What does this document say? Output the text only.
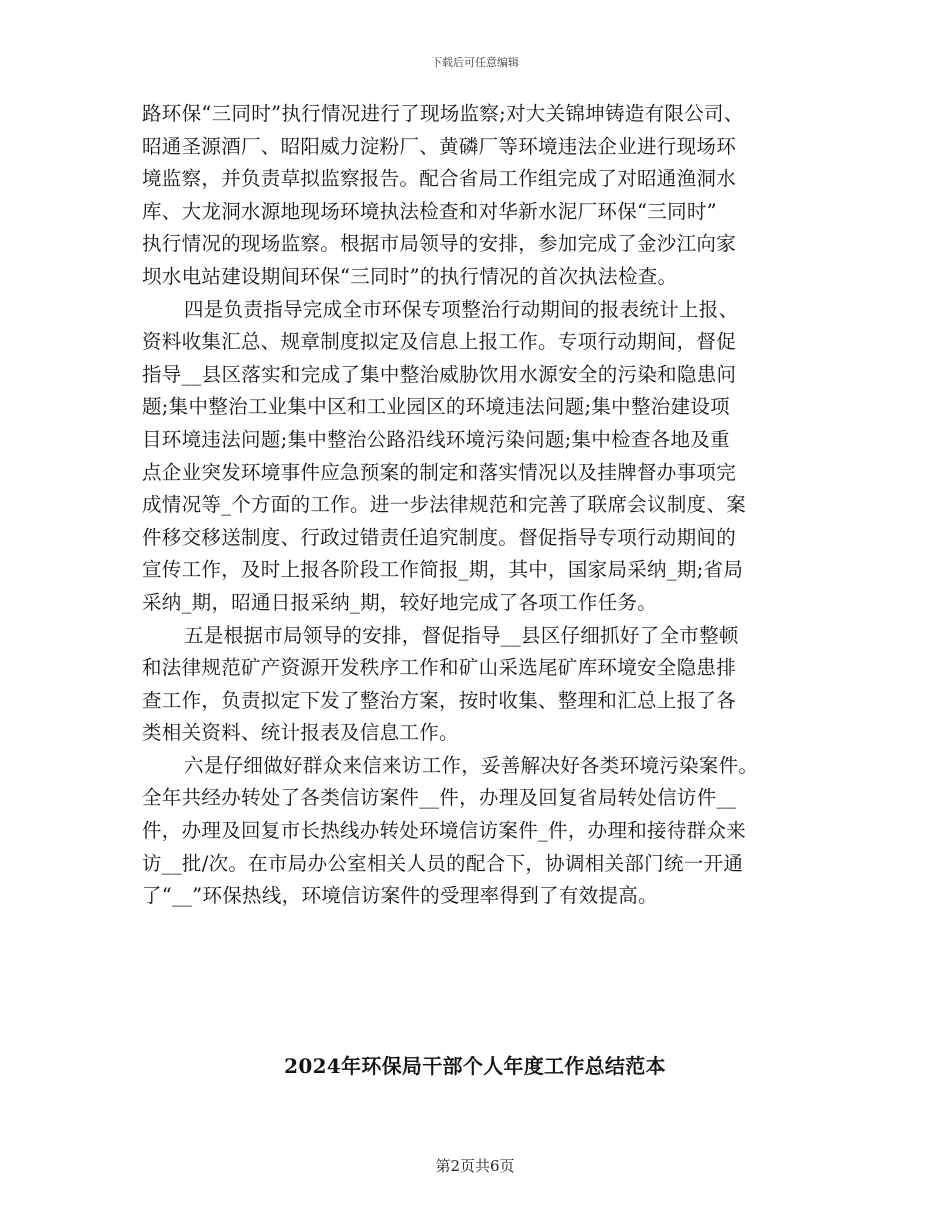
下载后可任意编辑

路环保“三同时”执行情况进行了现场监察;对大关锦坤铸造有限公司、
昭通圣源酒厂、昭阳威力淀粉厂、黄磷厂等环境违法企业进行现场环
境监察，并负责草拟监察报告。配合省局工作组完成了对昭通渔洞水
库、大龙洞水源地现场环境执法检查和对华新水泥厂环保“三同时”
执行情况的现场监察。根据市局领导的安排，参加完成了金沙江向家
坝水电站建设期间环保“三同时”的执行情况的首次执法检查。

四是负责指导完成全市环保专项整治行动期间的报表统计上报、
资料收集汇总、规章制度拟定及信息上报工作。专项行动期间，督促
指导__县区落实和完成了集中整治威胁饮用水源安全的污染和隐患问
题;集中整治工业集中区和工业园区的环境违法问题;集中整治建设项
目环境违法问题;集中整治公路沿线环境污染问题;集中检查各地及重
点企业突发环境事件应急预案的制定和落实情况以及挂牌督办事项完
成情况等_个方面的工作。进一步法律规范和完善了联席会议制度、案
件移交移送制度、行政过错责任追究制度。督促指导专项行动期间的
宣传工作，及时上报各阶段工作简报_期，其中，国家局采纳_期;省局
采纳_期，昭通日报采纳_期，较好地完成了各项工作任务。

五是根据市局领导的安排，督促指导__县区仔细抓好了全市整顿
和法律规范矿产资源开发秩序工作和矿山采选尾矿库环境安全隐患排
查工作，负责拟定下发了整治方案，按时收集、整理和汇总上报了各
类相关资料、统计报表及信息工作。

六是仔细做好群众来信来访工作，妥善解决好各类环境污染案件。
全年共经办转处了各类信访案件__件，办理及回复省局转处信访件__
件，办理及回复市长热线办转处环境信访案件_件，办理和接待群众来
访__批/次。在市局办公室相关人员的配合下，协调相关部门统一开通
了“__”环保热线，环境信访案件的受理率得到了有效提高。

2024年环保局干部个人年度工作总结范本
第2页共6页
